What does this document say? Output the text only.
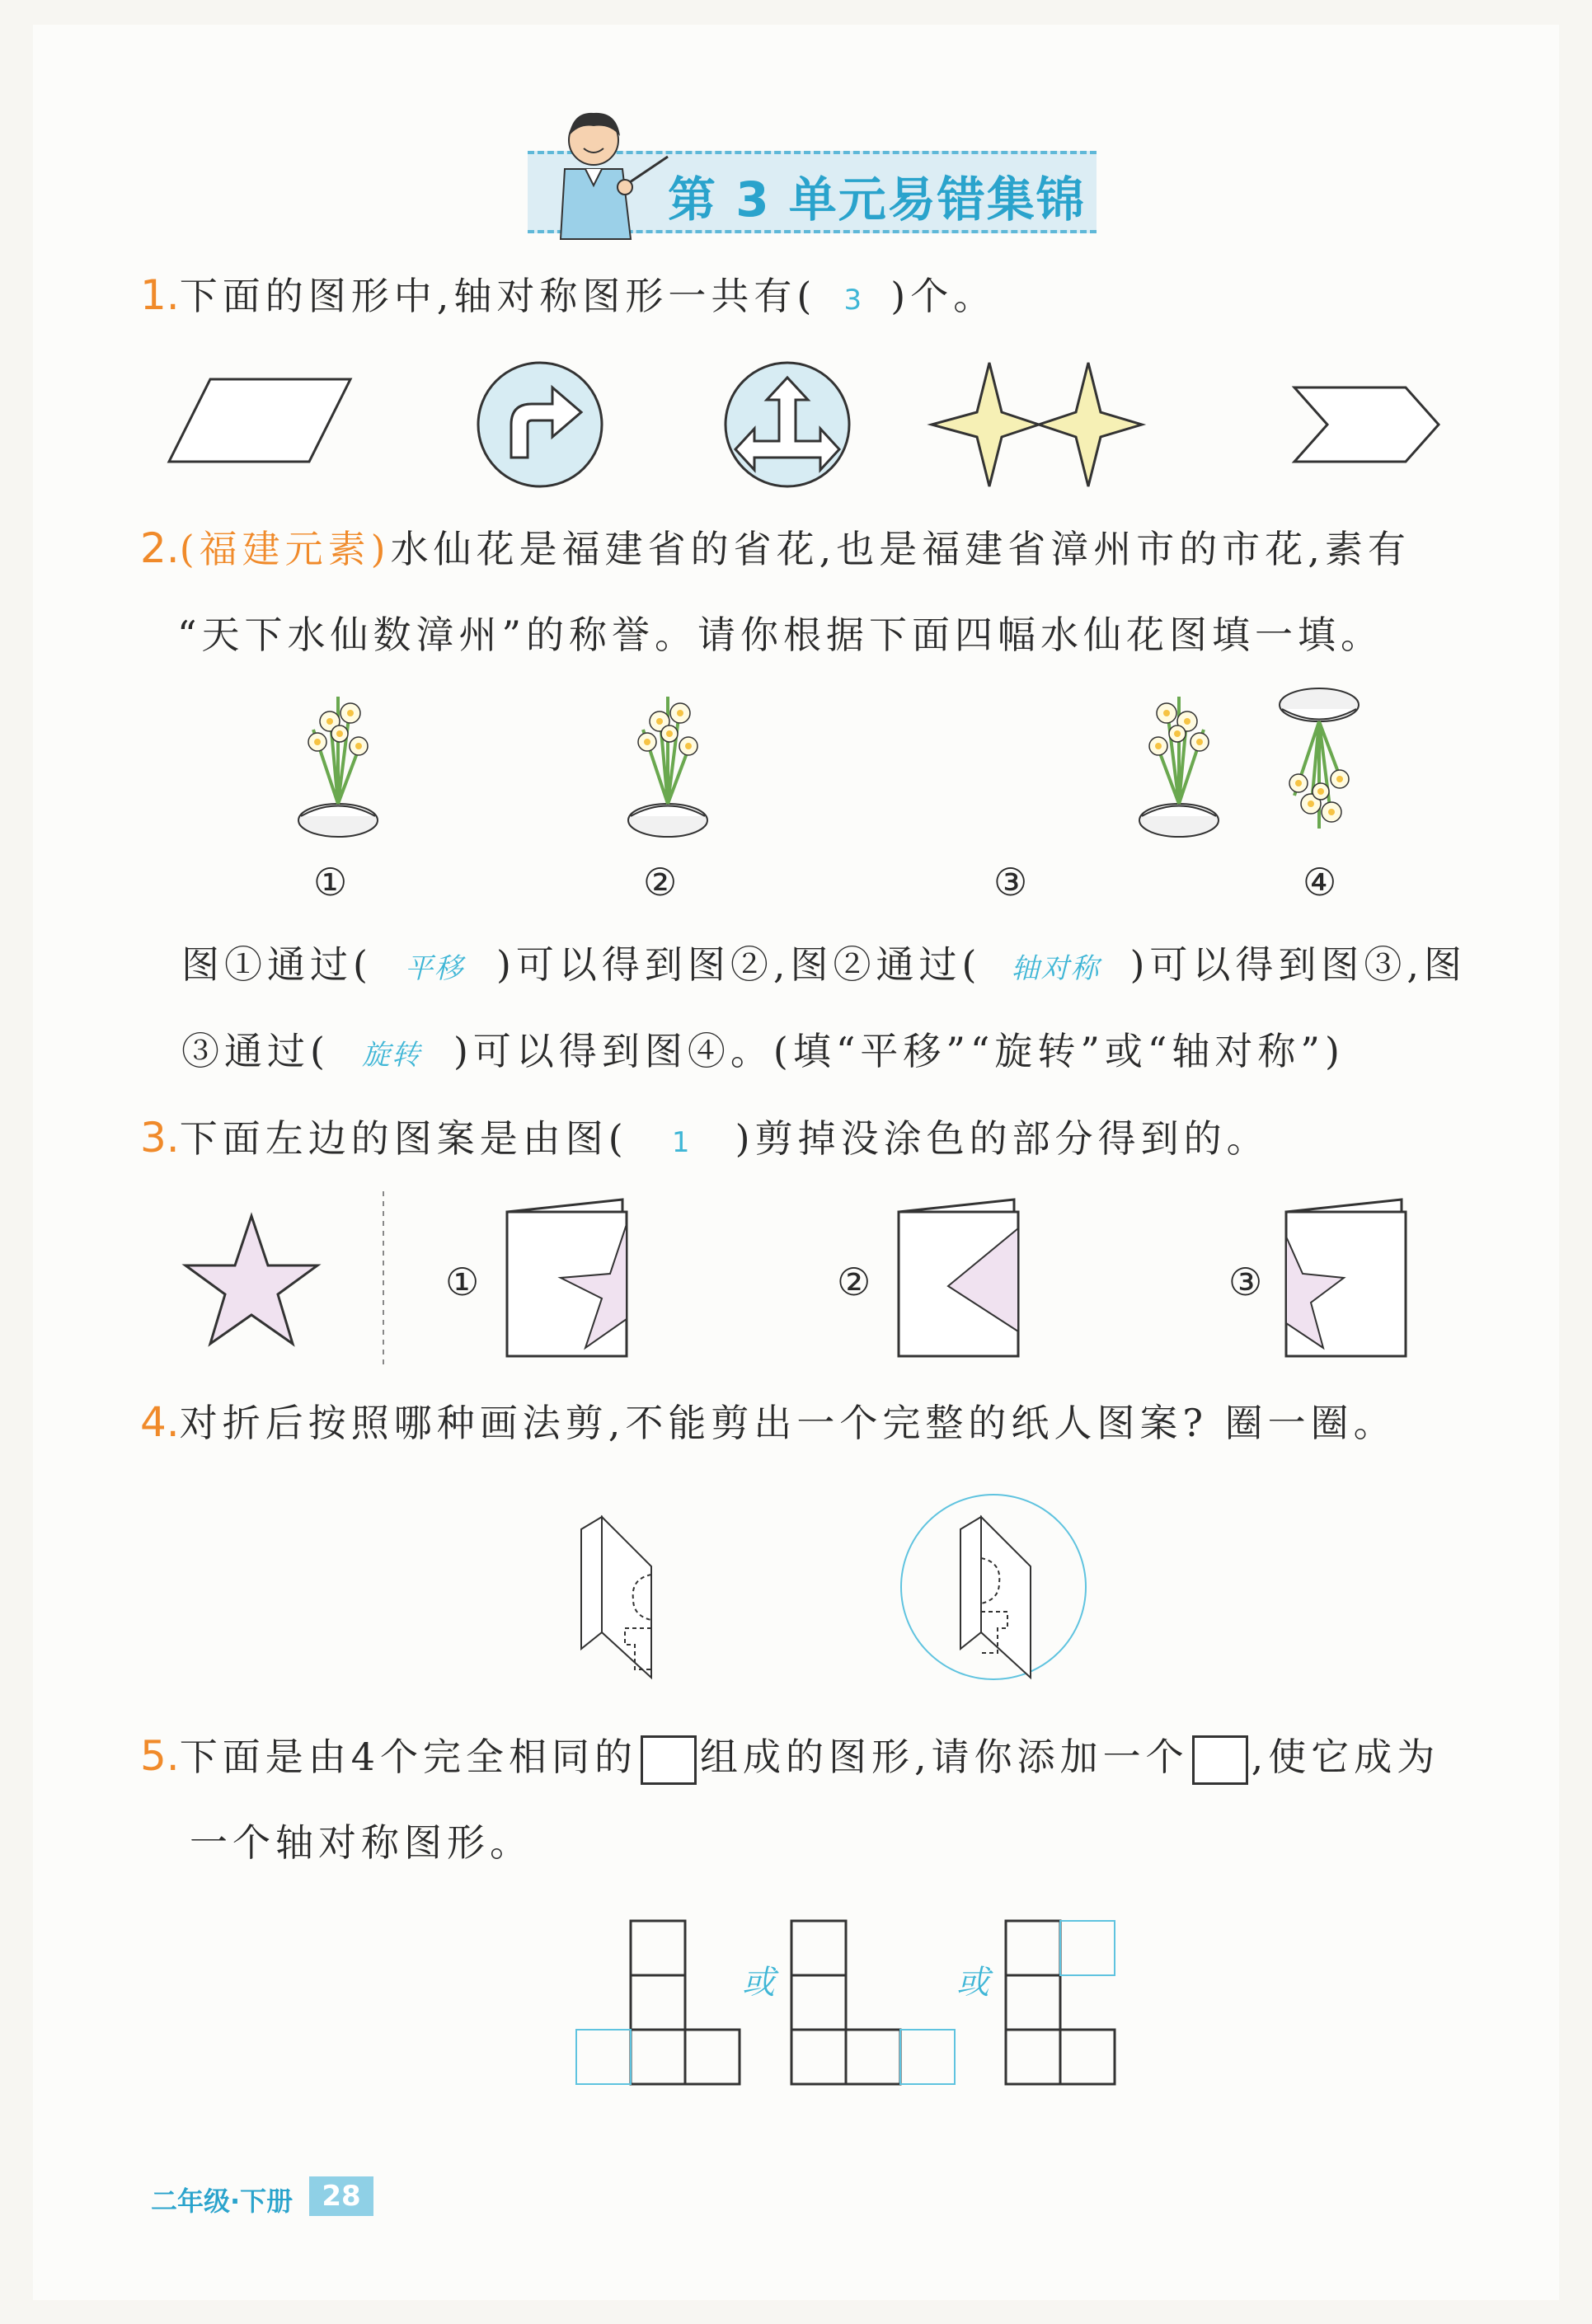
第 3 单元易错集锦
1.下面的图形中,轴对称图形一共有( 3 )个。
2.(福建元素)水仙花是福建省的省花,也是福建省漳州市的市花,素有
“天下水仙数漳州”的称誉。请你根据下面四幅水仙花图填一填。
①	②	③	④
图①通过( 平移 )可以得到图②,图②通过( 轴对称 )可以得到图③,图
③通过( 旋转 )可以得到图④。(填“平移”“旋转”或“轴对称”)
3.下面左边的图案是由图( 1 )剪掉没涂色的部分得到的。
①	②	③
4.对折后按照哪种画法剪,不能剪出一个完整的纸人图案? 圈一圈。
5.下面是由4个完全相同的 组成的图形,请你添加一个 ,使它成为
一个轴对称图形。
或	或
二年级·下册	28
